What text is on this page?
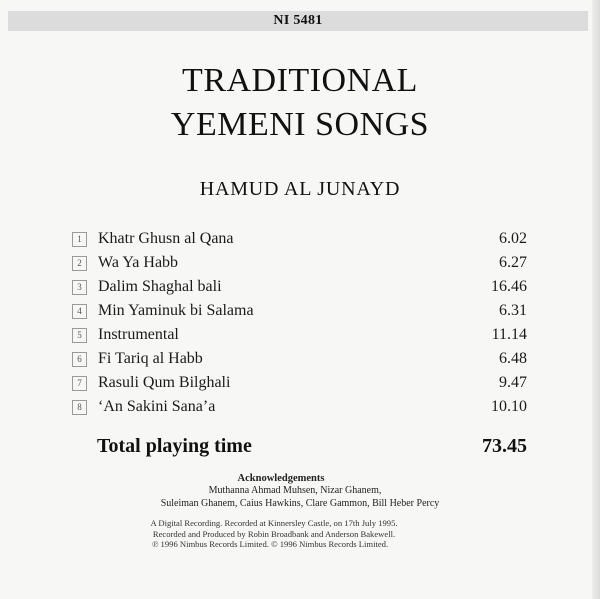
NI 5481
TRADITIONAL
YEMENI SONGS
HAMUD AL JUNAYD
1	Khatr Ghusn al Qana	6.02
2	Wa Ya Habb	6.27
3	Dalim Shaghal bali	16.46
4	Min Yaminuk bi Salama	6.31
5	Instrumental	11.14
6	Fi Tariq al Habb	6.48
7	Rasuli Qum Bilghali	9.47
8	‘An Sakini Sana’a	10.10
Total playing time	73.45
Acknowledgements
Muthanna Ahmad Muhsen, Nizar Ghanem,
Suleiman Ghanem, Caius Hawkins, Clare Gammon, Bill Heber Percy
A Digital Recording. Recorded at Kinnersley Castle, on 17th July 1995.
Recorded and Produced by Robin Broadbank and Anderson Bakewell.
℗ 1996 Nimbus Records Limited. © 1996 Nimbus Records Limited.
